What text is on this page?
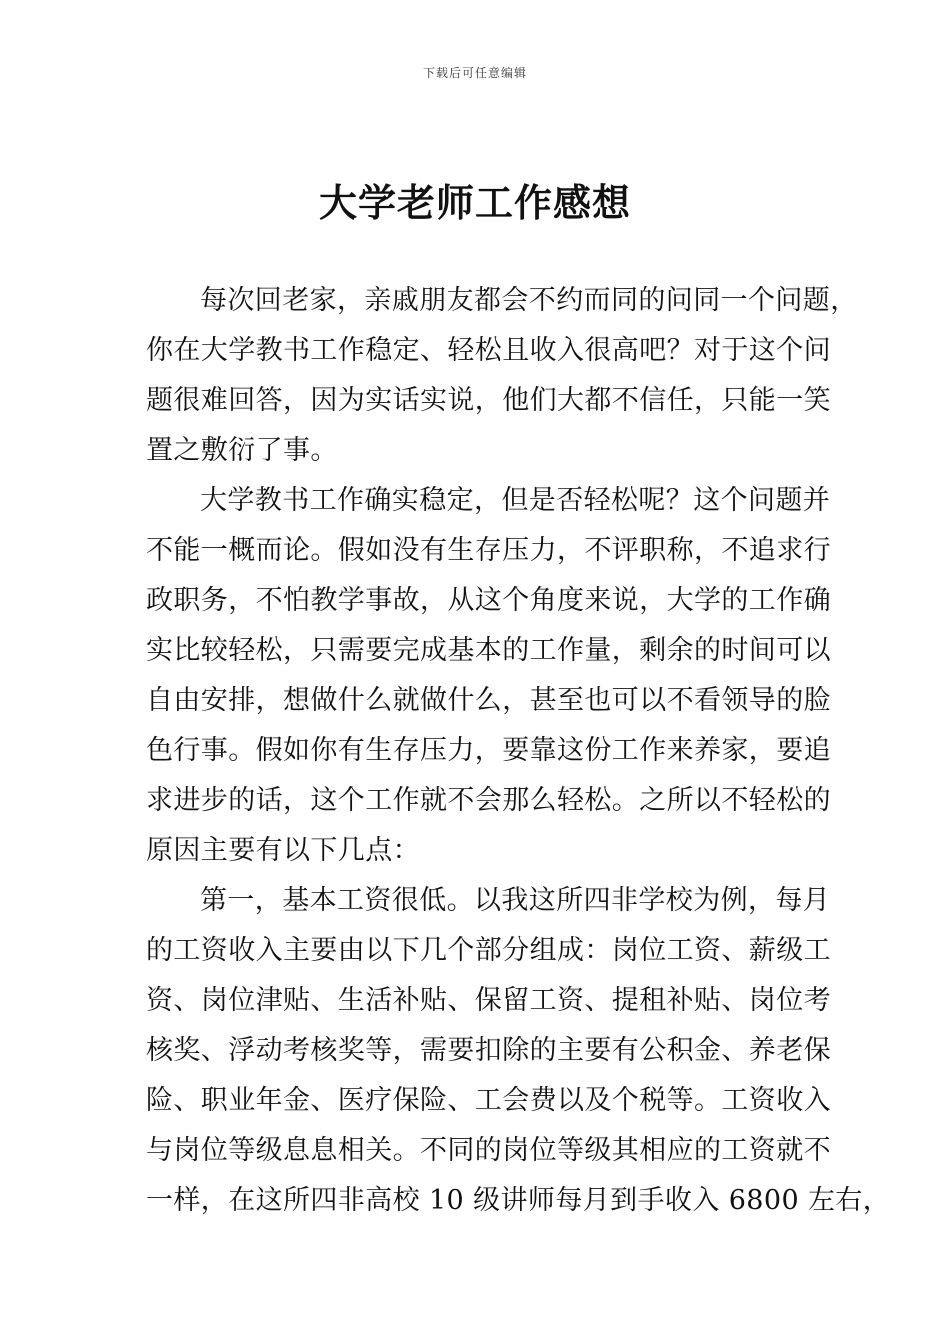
下载后可任意编辑
大学老师工作感想
每次回老家，亲戚朋友都会不约而同的问同一个问题，
你在大学教书工作稳定、轻松且收入很高吧？对于这个问
题很难回答，因为实话实说，他们大都不信任，只能一笑
置之敷衍了事。
大学教书工作确实稳定，但是否轻松呢？这个问题并
不能一概而论。假如没有生存压力，不评职称，不追求行
政职务，不怕教学事故，从这个角度来说，大学的工作确
实比较轻松，只需要完成基本的工作量，剩余的时间可以
自由安排，想做什么就做什么，甚至也可以不看领导的脸
色行事。假如你有生存压力，要靠这份工作来养家，要追
求进步的话，这个工作就不会那么轻松。之所以不轻松的
原因主要有以下几点：
第一，基本工资很低。以我这所四非学校为例，每月
的工资收入主要由以下几个部分组成：岗位工资、薪级工
资、岗位津贴、生活补贴、保留工资、提租补贴、岗位考
核奖、浮动考核奖等，需要扣除的主要有公积金、养老保
险、职业年金、医疗保险、工会费以及个税等。工资收入
与岗位等级息息相关。不同的岗位等级其相应的工资就不
一样，在这所四非高校 10 级讲师每月到手收入 6800 左右，
